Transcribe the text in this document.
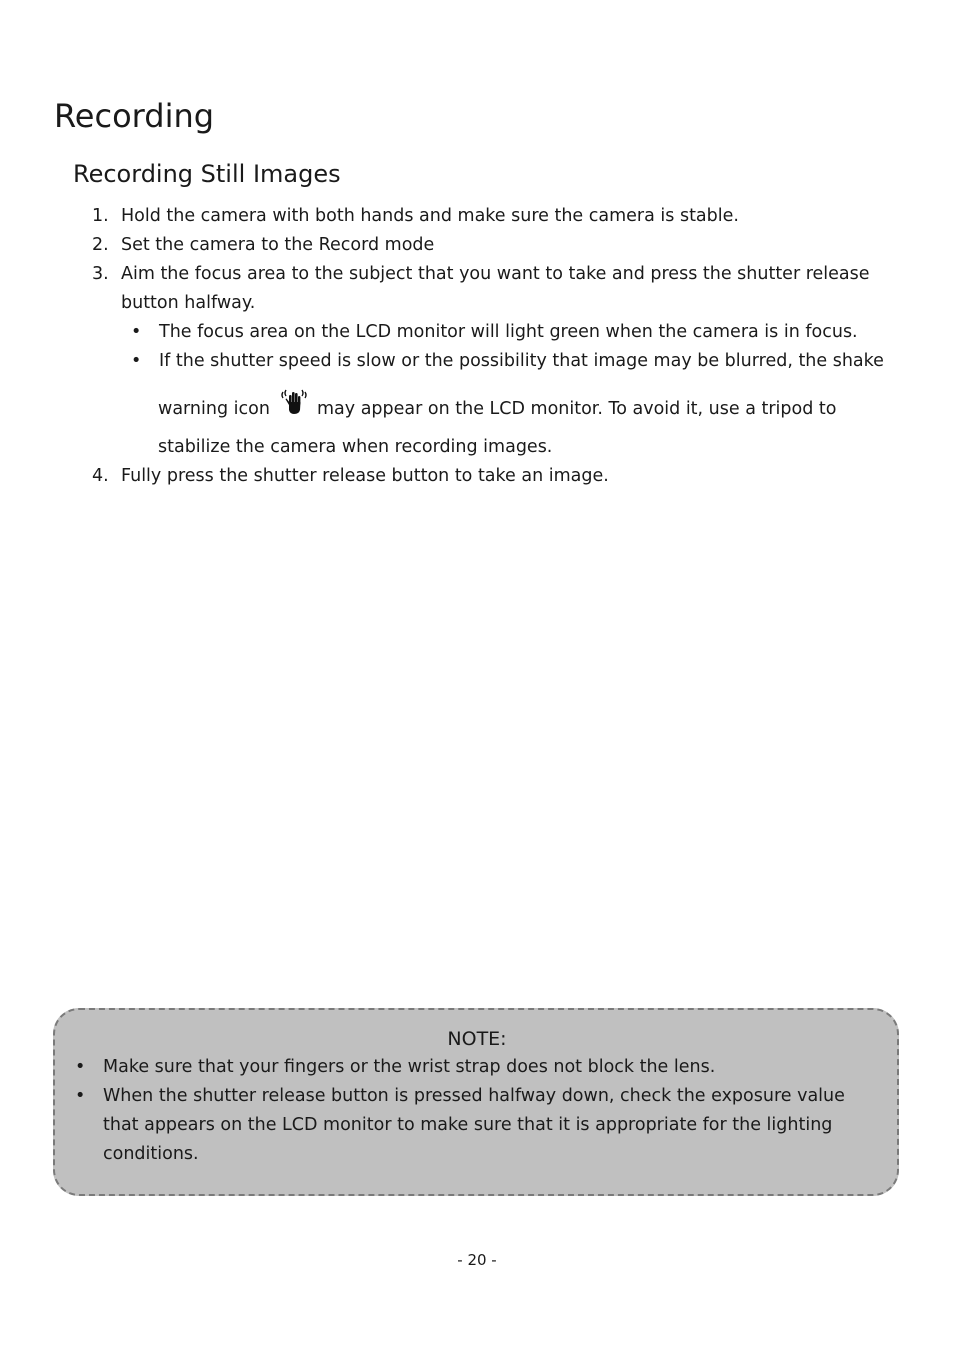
Recording
Recording Still Images
1. Hold the camera with both hands and make sure the camera is stable.
2. Set the camera to the Record mode
3. Aim the focus area to the subject that you want to take and press the shutter release
button halfway.
• The focus area on the LCD monitor will light green when the camera is in focus.
• If the shutter speed is slow or the possibility that image may be blurred, the shake
warning icon	may appear on the LCD monitor. To avoid it, use a tripod to
stabilize the camera when recording images.
4. Fully press the shutter release button to take an image.
NOTE:
• Make sure that your fingers or the wrist strap does not block the lens.
• When the shutter release button is pressed halfway down, check the exposure value
that appears on the LCD monitor to make sure that it is appropriate for the lighting
conditions.
- 20 -
